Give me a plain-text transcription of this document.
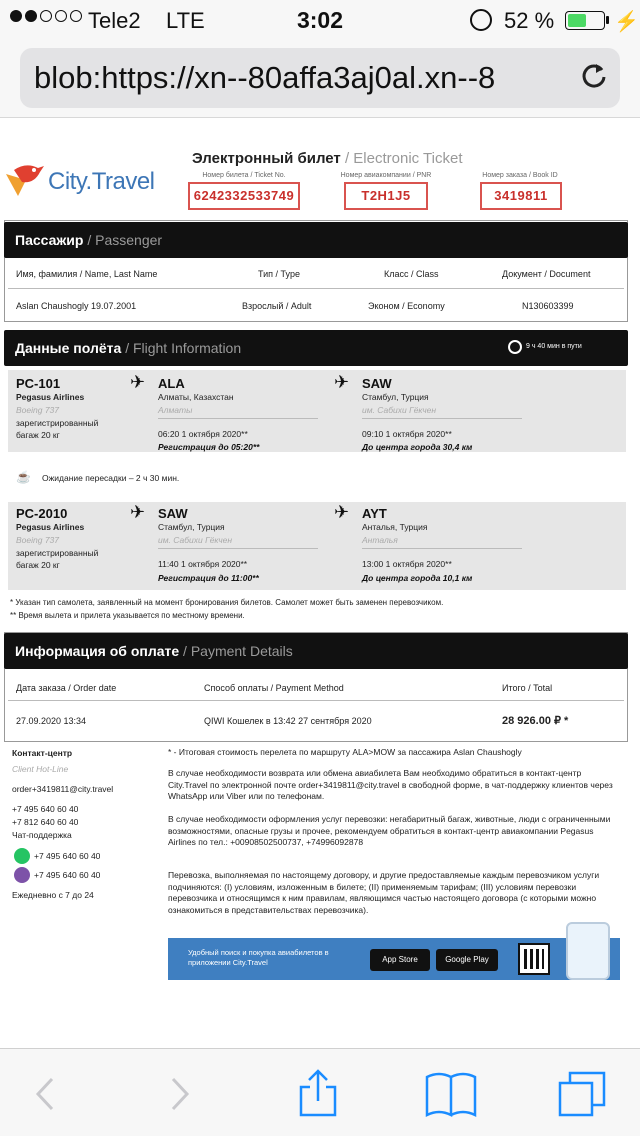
Tele2 LTE	3:02	52 %	⚡
blob:https://xn--80affa3aj0al.xn--8
City.Travel
Электронный билет / Electronic Ticket
Номер билета / Ticket No.
6242332533749
Номер авиакомпании / PNR
T2H1J5
Номер заказа / Book ID
3419811
Пассажир / Passenger
Имя, фамилия / Name, Last Name	Тип / Type	Класс / Class	Документ / Document
Aslan Chaushogly 19.07.2001	Взрослый / Adult	Эконом / Economy	N130603399
Данные полёта / Flight Information	9 ч 40 мин в пути
PC-101
Pegasus Airlines
Boeing 737
зарегистрированный
багаж 20 кг
✈ ALA
Алматы, Казахстан
Алматы
06:20 1 октября 2020**
Регистрация до 05:20**
✈ SAW
Стамбул, Турция
им. Сабихи Гёкчен
09:10 1 октября 2020**
До центра города 30,4 км
☕ Ожидание пересадки – 2 ч 30 мин.
PC-2010
Pegasus Airlines
Boeing 737
зарегистрированный
багаж 20 кг
✈ SAW
Стамбул, Турция
им. Сабихи Гёкчен
11:40 1 октября 2020**
Регистрация до 11:00**
✈ AYT
Анталья, Турция
Анталья
13:00 1 октября 2020**
До центра города 10,1 км
* Указан тип самолета, заявленный на момент бронирования билетов. Самолет может быть заменен перевозчиком.
** Время вылета и прилета указывается по местному времени.
Информация об оплате / Payment Details
Дата заказа / Order date	Способ оплаты / Payment Method	Итого / Total
27.09.2020 13:34	QIWI Кошелек в 13:42 27 сентября 2020	28 926.00 ₽ *
Контакт-центр
Client Hot-Line
order+3419811@city.travel
+7 495 640 60 40
+7 812 640 60 40
Чат-поддержка
+7 495 640 60 40
+7 495 640 60 40
Ежедневно с 7 до 24
* - Итоговая стоимость перелета по маршруту ALA>MOW за пассажира Aslan Chaushogly
В случае необходимости возврата или обмена авиабилета Вам необходимо обратиться в контакт-центр City.Travel по электронной почте order+3419811@city.travel в свободной форме, в чат-поддержку клиентов через WhatsApp или Viber или по телефонам.
В случае необходимости оформления услуг перевозки: негабаритный багаж, животные, люди с ограниченными возможностями, опасные грузы и прочее, рекомендуем обратиться в контакт-центр авиакомпании Pegasus Airlines по тел.: +00908502500737, +74996092878
Перевозка, выполняемая по настоящему договору, и другие предоставляемые каждым перевозчиком услуги подчиняются: (I) условиям, изложенным в билете; (II) применяемым тарифам; (III) условиям перевозки перевозчика и относящимся к ним правилам, являющимся частью настоящего договора (с которыми можно ознакомиться в представительствах перевозчика).
Удобный поиск и покупка авиабилетов в приложении City.Travel	App Store	Google Play
